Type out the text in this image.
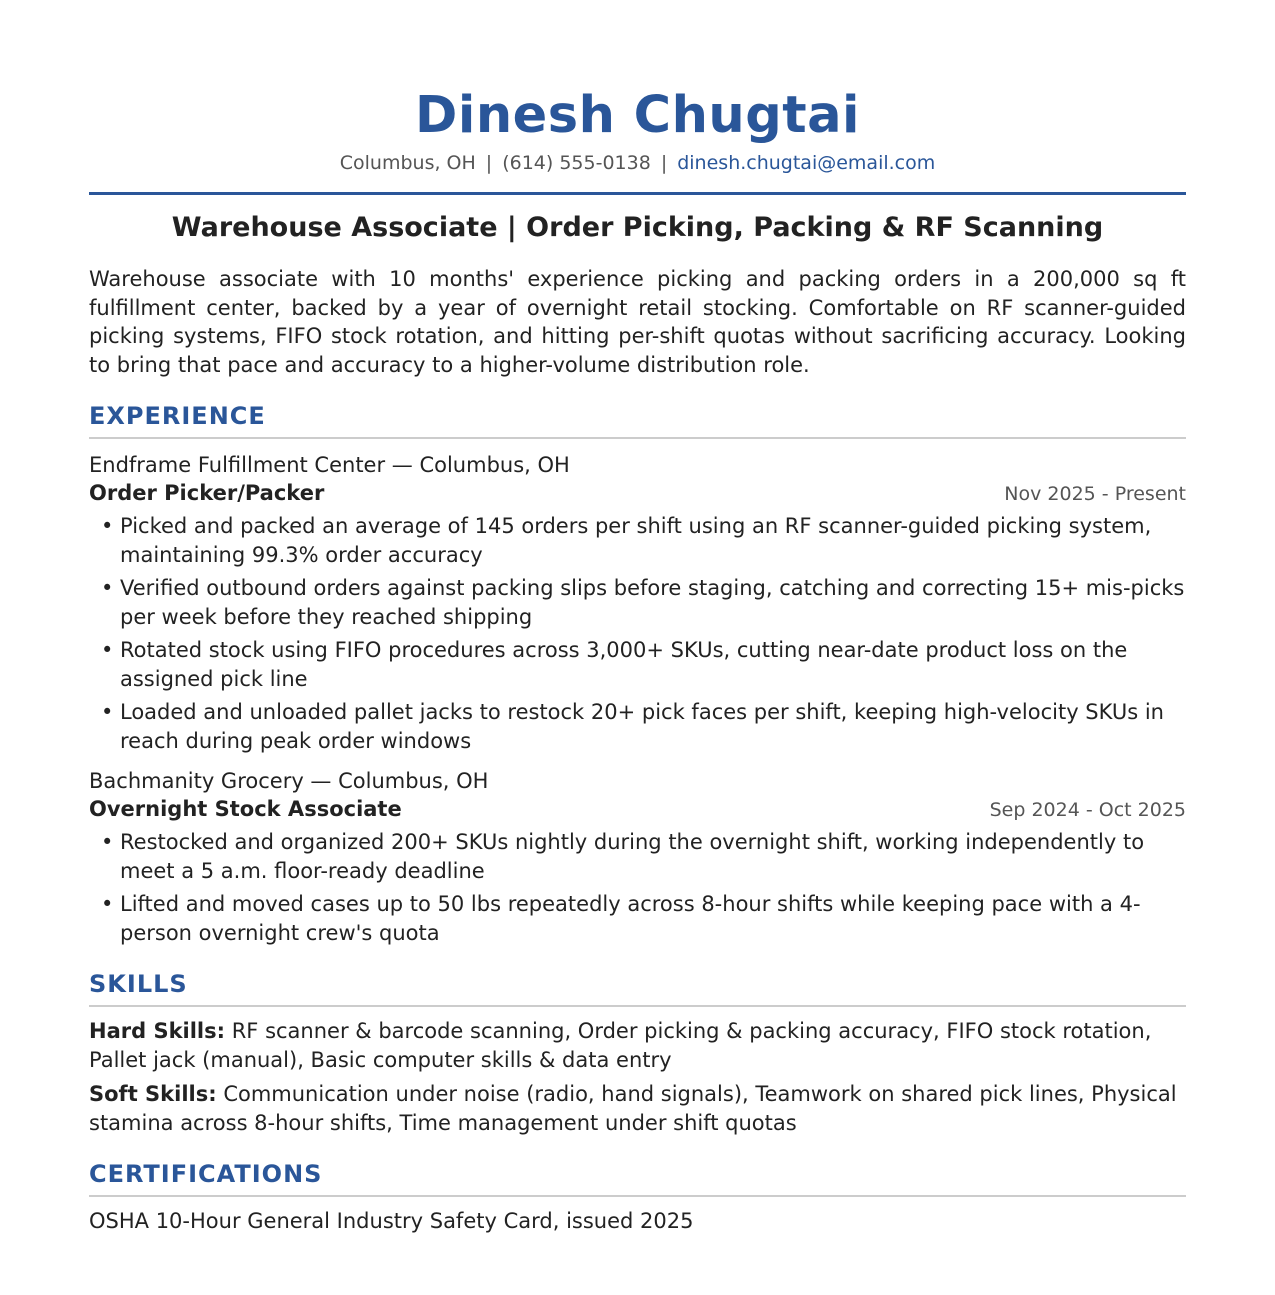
Dinesh Chugtai
Columbus, OH | (614) 555-0138 | dinesh.chugtai@email.com
Warehouse Associate | Order Picking, Packing & RF Scanning
Warehouse associate with 10 months' experience picking and packing orders in a 200,000 sq ft fulfillment center, backed by a year of overnight retail stocking. Comfortable on RF scanner-guided picking systems, FIFO stock rotation, and hitting per-shift quotas without sacrificing accuracy. Looking to bring that pace and accuracy to a higher-volume distribution role.
EXPERIENCE
Endframe Fulfillment Center — Columbus, OH
Order Picker/Packer	Nov 2025 - Present
• Picked and packed an average of 145 orders per shift using an RF scanner-guided picking system, maintaining 99.3% order accuracy
• Verified outbound orders against packing slips before staging, catching and correcting 15+ mis-picks per week before they reached shipping
• Rotated stock using FIFO procedures across 3,000+ SKUs, cutting near-date product loss on the assigned pick line
• Loaded and unloaded pallet jacks to restock 20+ pick faces per shift, keeping high-velocity SKUs in reach during peak order windows
Bachmanity Grocery — Columbus, OH
Overnight Stock Associate	Sep 2024 - Oct 2025
• Restocked and organized 200+ SKUs nightly during the overnight shift, working independently to meet a 5 a.m. floor-ready deadline
• Lifted and moved cases up to 50 lbs repeatedly across 8-hour shifts while keeping pace with a 4-person overnight crew's quota
SKILLS
Hard Skills: RF scanner & barcode scanning, Order picking & packing accuracy, FIFO stock rotation, Pallet jack (manual), Basic computer skills & data entry
Soft Skills: Communication under noise (radio, hand signals), Teamwork on shared pick lines, Physical stamina across 8-hour shifts, Time management under shift quotas
CERTIFICATIONS
OSHA 10-Hour General Industry Safety Card, issued 2025
